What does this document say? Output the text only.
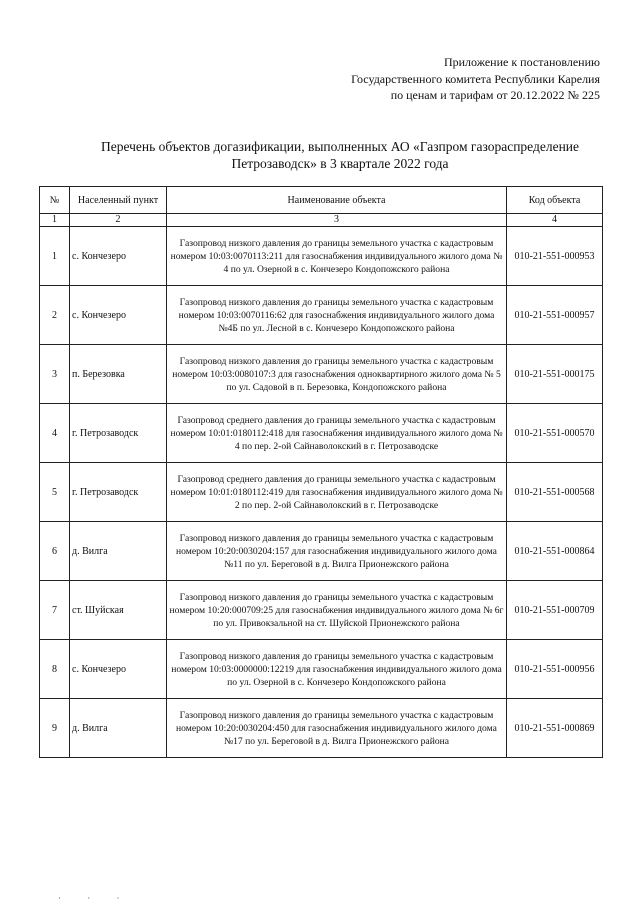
Приложение к постановлению
Государственного комитета Республики Карелия
по ценам и тарифам от 20.12.2022 № 225
Перечень объектов догазификации, выполненных АО «Газпром газораспределение
Петрозаводск» в 3 квартале 2022 года
№	Населенный пункт	Наименование объекта	Код объекта
1	2	3	4
1	с. Кончезеро	Газопровод низкого давления до границы земельного участка с кадастровым номером 10:03:0070113:211 для газоснабжения индивидуального жилого дома № 4 по ул. Озерной в с. Кончезеро Кондопожского района	010-21-551-000953
2	с. Кончезеро	Газопровод низкого давления до границы земельного участка с кадастровым номером 10:03:0070116:62 для газоснабжения индивидуального жилого дома №4Б по ул. Лесной в с. Кончезеро Кондопожского района	010-21-551-000957
3	п. Березовка	Газопровод низкого давления до границы земельного участка с кадастровым номером 10:03:0080107:3 для газоснабжения одноквартирного жилого дома № 5 по ул. Садовой в п. Березовка, Кондопожского района	010-21-551-000175
4	г. Петрозаводск	Газопровод среднего давления до границы земельного участка с кадастровым номером 10:01:0180112:418 для газоснабжения индивидуального жилого дома № 4 по пер. 2-ой Сайнаволокский в г. Петрозаводске	010-21-551-000570
5	г. Петрозаводск	Газопровод среднего давления до границы земельного участка с кадастровым номером 10:01:0180112:419 для газоснабжения индивидуального жилого дома № 2 по пер. 2-ой Сайнаволокский в г. Петрозаводске	010-21-551-000568
6	д. Вилга	Газопровод низкого давления до границы земельного участка с кадастровым номером 10:20:0030204:157 для газоснабжения индивидуального жилого дома №11 по ул. Береговой в д. Вилга Прионежского района	010-21-551-000864
7	ст. Шуйская	Газопровод низкого давления до границы земельного участка с кадастровым номером 10:20:000709:25 для газоснабжения индивидуального жилого дома № 6г по ул. Привокзальной на ст. Шуйской Прионежского района	010-21-551-000709
8	с. Кончезеро	Газопровод низкого давления до границы земельного участка с кадастровым номером 10:03:0000000:12219 для газоснабжения индивидуального жилого дома по ул. Озерной в с. Кончезеро Кондопожского района	010-21-551-000956
9	д. Вилга	Газопровод низкого давления до границы земельного участка с кадастровым номером 10:20:0030204:450 для газоснабжения индивидуального жилого дома №17 по ул. Береговой в д. Вилга Прионежского района	010-21-551-000869
· · ·
